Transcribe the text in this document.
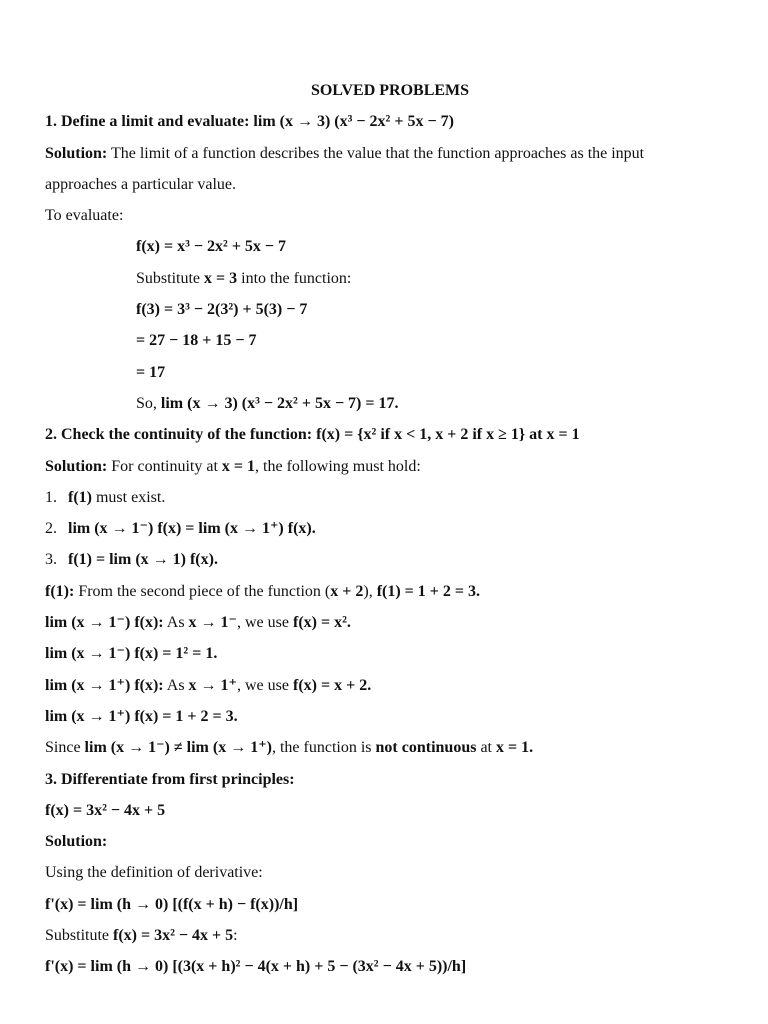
SOLVED PROBLEMS
1. Define a limit and evaluate: lim (x → 3) (x³ − 2x² + 5x − 7)
Solution: The limit of a function describes the value that the function approaches as the input
approaches a particular value.
To evaluate:
f(x) = x³ − 2x² + 5x − 7
Substitute x = 3 into the function:
f(3) = 3³ − 2(3²) + 5(3) − 7
= 27 − 18 + 15 − 7
= 17
So, lim (x → 3) (x³ − 2x² + 5x − 7) = 17.
2. Check the continuity of the function: f(x) = {x² if x < 1, x + 2 if x ≥ 1} at x = 1
Solution: For continuity at x = 1, the following must hold:
1. f(1) must exist.
2. lim (x → 1⁻) f(x) = lim (x → 1⁺) f(x).
3. f(1) = lim (x → 1) f(x).
f(1): From the second piece of the function (x + 2), f(1) = 1 + 2 = 3.
lim (x → 1⁻) f(x): As x → 1⁻, we use f(x) = x².
lim (x → 1⁻) f(x) = 1² = 1.
lim (x → 1⁺) f(x): As x → 1⁺, we use f(x) = x + 2.
lim (x → 1⁺) f(x) = 1 + 2 = 3.
Since lim (x → 1⁻) ≠ lim (x → 1⁺), the function is not continuous at x = 1.
3. Differentiate from first principles:
f(x) = 3x² − 4x + 5
Solution:
Using the definition of derivative:
f'(x) = lim (h → 0) [(f(x + h) − f(x))/h]
Substitute f(x) = 3x² − 4x + 5:
f'(x) = lim (h → 0) [(3(x + h)² − 4(x + h) + 5 − (3x² − 4x + 5))/h]
